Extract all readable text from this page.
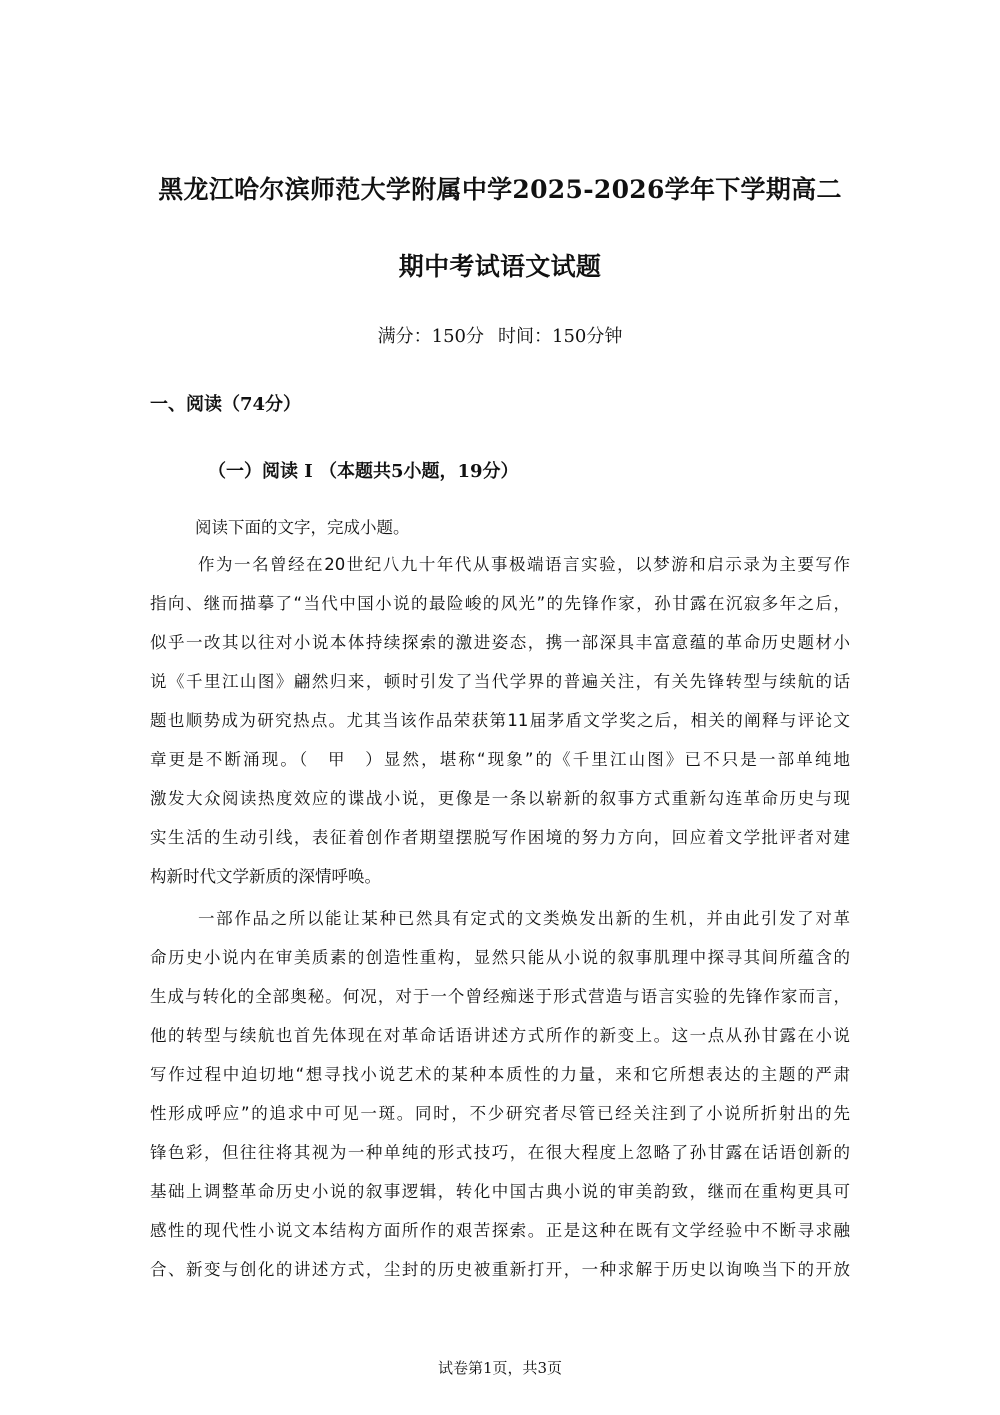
黑龙江哈尔滨师范大学附属中学2025-2026学年下学期高二
期中考试语文试题
满分：150分 时间：150分钟
一、阅读（74分）
（一）阅读 I （本题共5小题，19分）
阅读下面的文字，完成小题。
作为一名曾经在20世纪八九十年代从事极端语言实验，以梦游和启示录为主要写作
指向、继而描摹了“当代中国小说的最险峻的风光”的先锋作家，孙甘露在沉寂多年之后，
似乎一改其以往对小说本体持续探索的激进姿态，携一部深具丰富意蕴的革命历史题材小
说《千里江山图》翩然归来，顿时引发了当代学界的普遍关注，有关先锋转型与续航的话
题也顺势成为研究热点。尤其当该作品荣获第11届茅盾文学奖之后，相关的阐释与评论文
章更是不断涌现。（　甲　）显然，堪称“现象”的《千里江山图》已不只是一部单纯地
激发大众阅读热度效应的谍战小说，更像是一条以崭新的叙事方式重新勾连革命历史与现
实生活的生动引线，表征着创作者期望摆脱写作困境的努力方向，回应着文学批评者对建
构新时代文学新质的深情呼唤。
一部作品之所以能让某种已然具有定式的文类焕发出新的生机，并由此引发了对革
命历史小说内在审美质素的创造性重构，显然只能从小说的叙事肌理中探寻其间所蕴含的
生成与转化的全部奥秘。何况，对于一个曾经痴迷于形式营造与语言实验的先锋作家而言，
他的转型与续航也首先体现在对革命话语讲述方式所作的新变上。这一点从孙甘露在小说
写作过程中迫切地“想寻找小说艺术的某种本质性的力量，来和它所想表达的主题的严肃
性形成呼应”的追求中可见一斑。同时，不少研究者尽管已经关注到了小说所折射出的先
锋色彩，但往往将其视为一种单纯的形式技巧，在很大程度上忽略了孙甘露在话语创新的
基础上调整革命历史小说的叙事逻辑，转化中国古典小说的审美韵致，继而在重构更具可
感性的现代性小说文本结构方面所作的艰苦探索。正是这种在既有文学经验中不断寻求融
合、新变与创化的讲述方式，尘封的历史被重新打开，一种求解于历史以询唤当下的开放
试卷第1页，共3页
